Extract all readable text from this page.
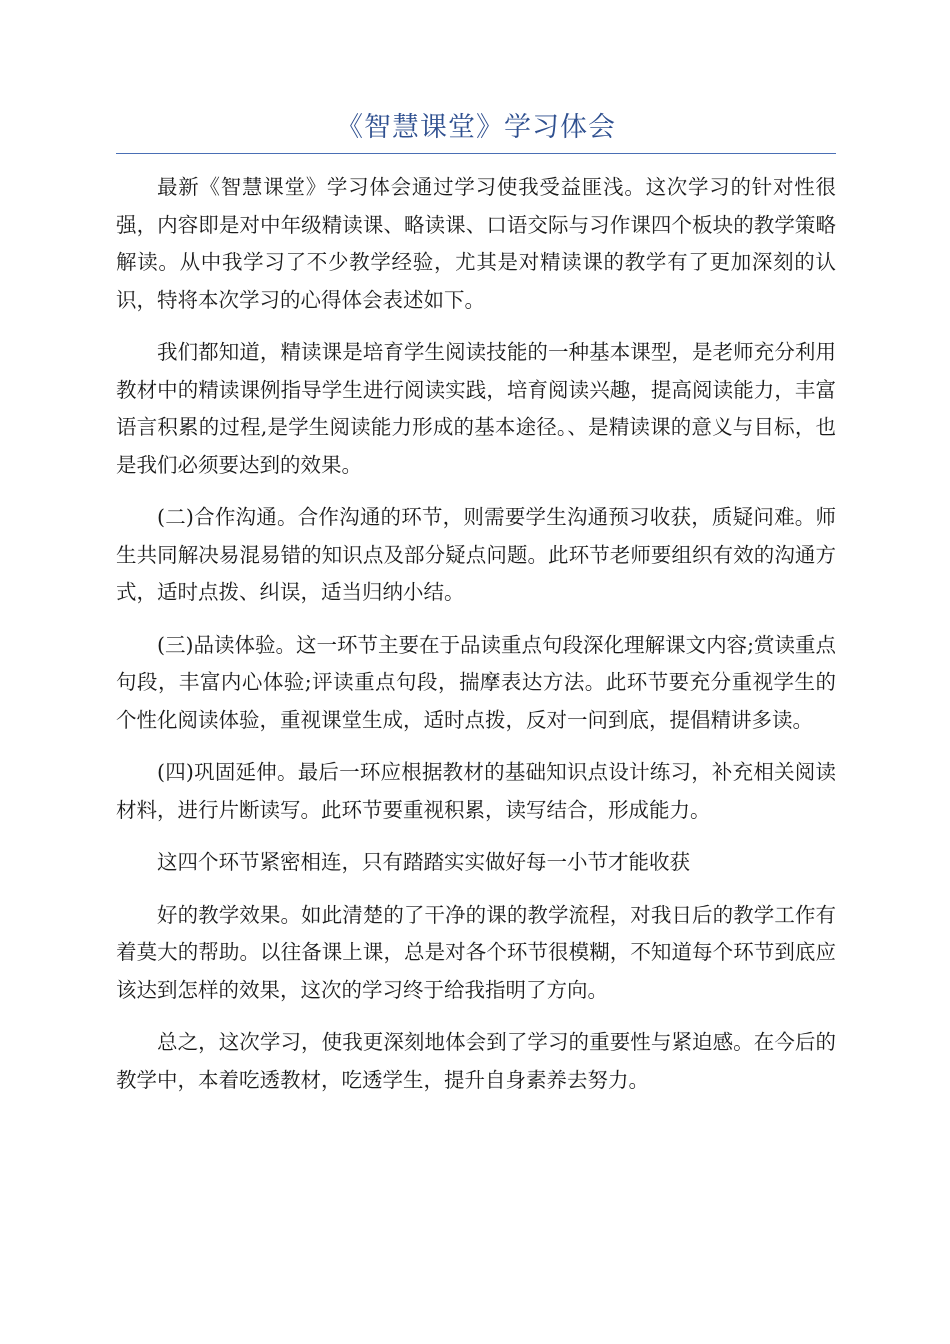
《智慧课堂》学习体会

最新《智慧课堂》学习体会通过学习使我受益匪浅。这次学习的针对性很强，内容即是对中年级精读课、略读课、口语交际与习作课四个板块的教学策略解读。从中我学习了不少教学经验，尤其是对精读课的教学有了更加深刻的认识，特将本次学习的心得体会表述如下。

我们都知道，精读课是培育学生阅读技能的一种基本课型，是老师充分利用教材中的精读课例指导学生进行阅读实践，培育阅读兴趣，提高阅读能力，丰富语言积累的过程,是学生阅读能力形成的基本途径。、是精读课的意义与目标，也是我们必须要达到的效果。

(二)合作沟通。合作沟通的环节，则需要学生沟通预习收获，质疑问难。师生共同解决易混易错的知识点及部分疑点问题。此环节老师要组织有效的沟通方式，适时点拨、纠误，适当归纳小结。

(三)品读体验。这一环节主要在于品读重点句段深化理解课文内容;赏读重点句段，丰富内心体验;评读重点句段，揣摩表达方法。此环节要充分重视学生的个性化阅读体验，重视课堂生成，适时点拨，反对一问到底，提倡精讲多读。

(四)巩固延伸。最后一环应根据教材的基础知识点设计练习，补充相关阅读材料，进行片断读写。此环节要重视积累，读写结合，形成能力。

这四个环节紧密相连，只有踏踏实实做好每一小节才能收获

好的教学效果。如此清楚的了干净的课的教学流程，对我日后的教学工作有着莫大的帮助。以往备课上课，总是对各个环节很模糊，不知道每个环节到底应该达到怎样的效果，这次的学习终于给我指明了方向。

总之，这次学习，使我更深刻地体会到了学习的重要性与紧迫感。在今后的教学中，本着吃透教材，吃透学生，提升自身素养去努力。
